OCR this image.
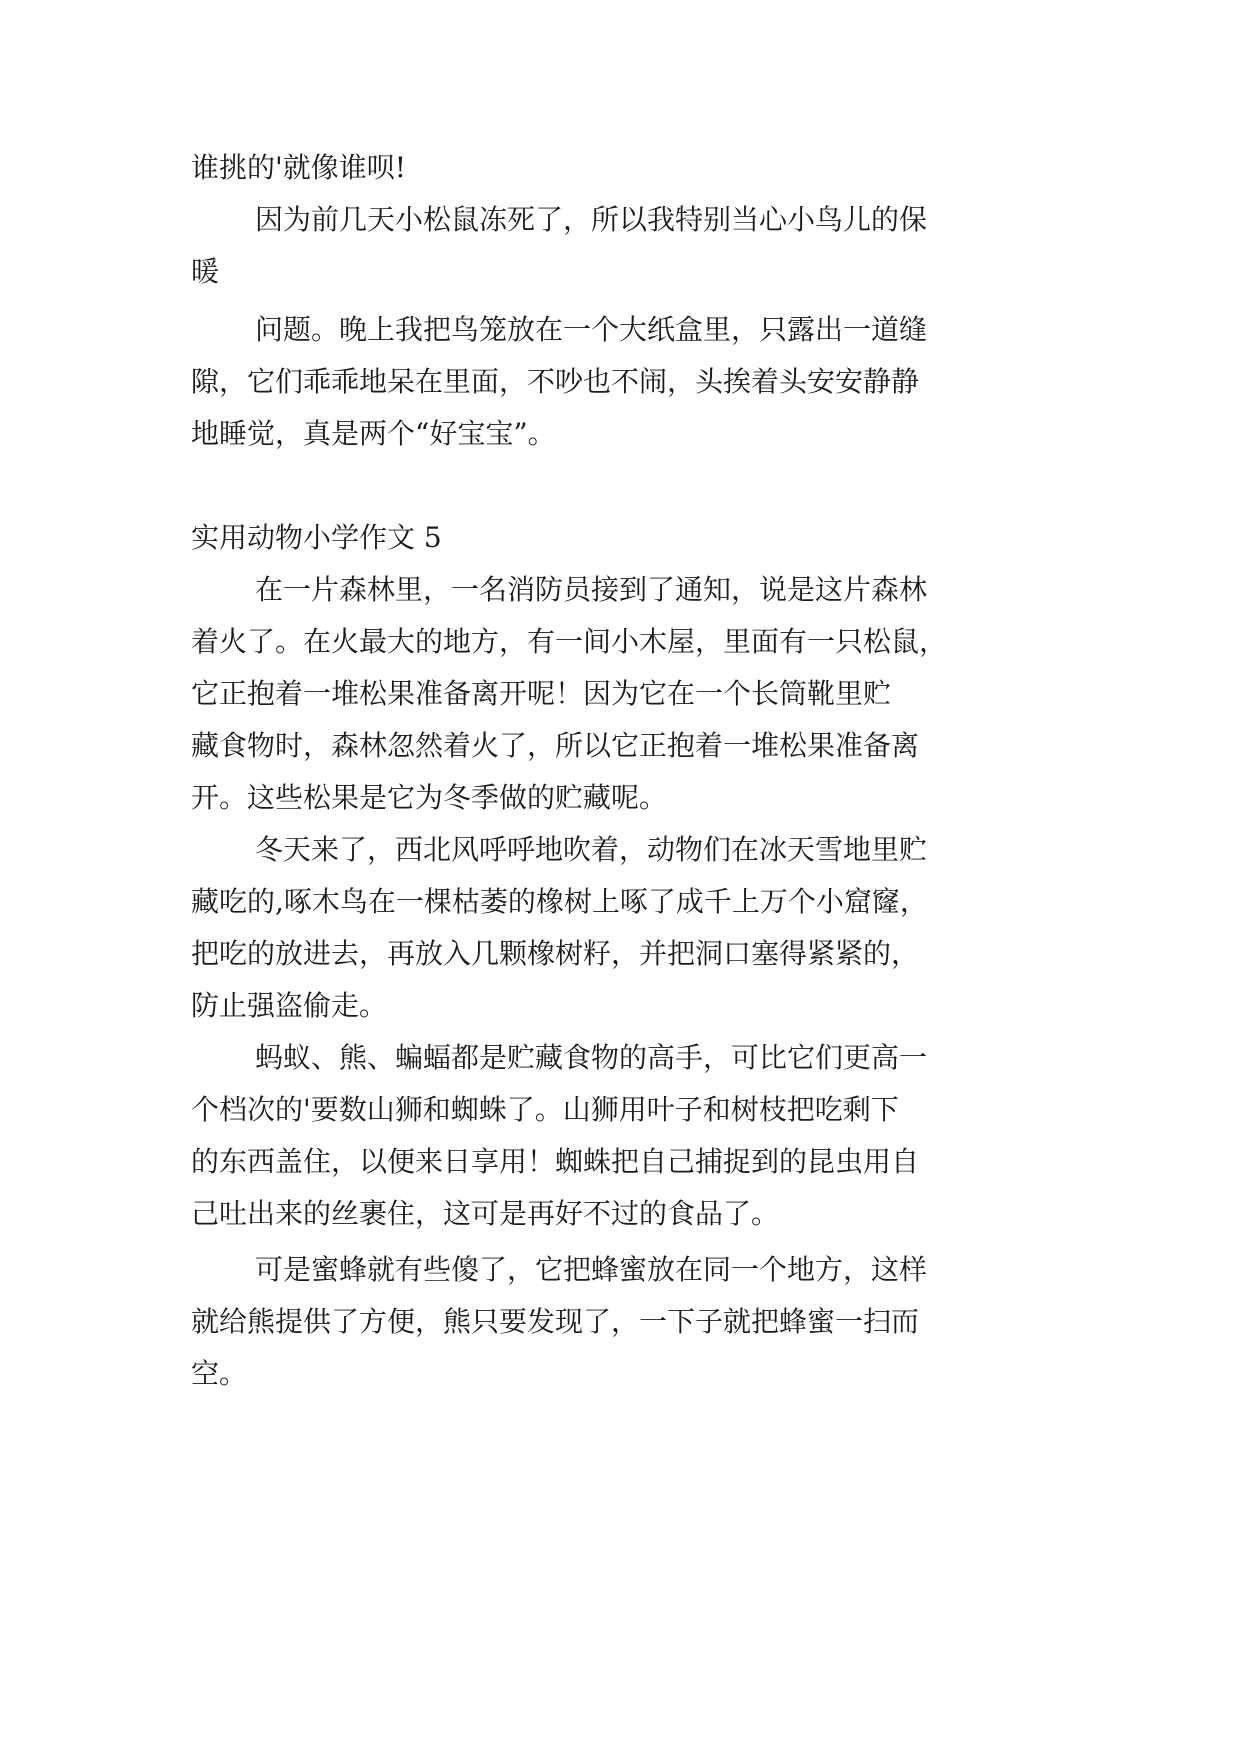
谁挑的'就像谁呗!
因为前几天小松鼠冻死了，所以我特别当心小鸟儿的保
暖
问题。晚上我把鸟笼放在一个大纸盒里，只露出一道缝
隙，它们乖乖地呆在里面，不吵也不闹，头挨着头安安静静
地睡觉，真是两个“好宝宝”。
实用动物小学作文 5
在一片森林里，一名消防员接到了通知，说是这片森林
着火了。在火最大的地方，有一间小木屋，里面有一只松鼠，
它正抱着一堆松果准备离开呢！因为它在一个长筒靴里贮
藏食物时，森林忽然着火了，所以它正抱着一堆松果准备离
开。这些松果是它为冬季做的贮藏呢。
冬天来了，西北风呼呼地吹着，动物们在冰天雪地里贮
藏吃的,啄木鸟在一棵枯萎的橡树上啄了成千上万个小窟窿，
把吃的放进去，再放入几颗橡树籽，并把洞口塞得紧紧的，
防止强盗偷走。
蚂蚁、熊、蝙蝠都是贮藏食物的高手，可比它们更高一
个档次的'要数山狮和蜘蛛了。山狮用叶子和树枝把吃剩下
的东西盖住，以便来日享用！蜘蛛把自己捕捉到的昆虫用自
己吐出来的丝裹住，这可是再好不过的食品了。
可是蜜蜂就有些傻了，它把蜂蜜放在同一个地方，这样
就给熊提供了方便，熊只要发现了，一下子就把蜂蜜一扫而
空。
